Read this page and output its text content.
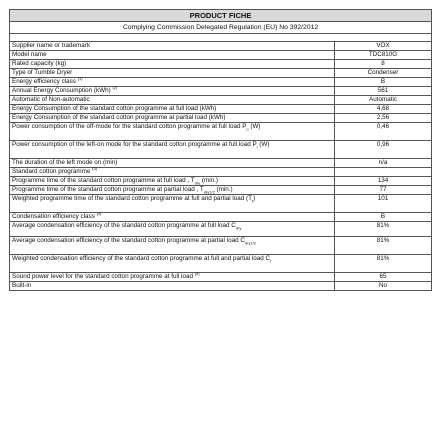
PRODUCT FICHE	
Complying Commission Delegated Regulation (EU) No 392/2012	

Supplier name or trademark	VOX
Model name	TDC810G
Rated capacity (kg)	8
Type of Tumble Dryer	Condenser
Energy efficiency class $^{(1)}$	B
Annual Energy Consumption (kWh) $^{(2)}$	561
Automatic of Non-automatic	Automatic
Energy Consumption of the standard cotton programme at full load (kWh)	4,68
Energy Consumption of the standard cotton programme at partial load (kWh)	2,56
Power consumption of the off-mode for the standard cotton programme at full load $P_o$ (W)	0,46
Power consumption of the left-on mode for the standard cotton programme at full load $P_l$ (W)	0,96
The duration of the left mode on (min)	n/a
Standard cotton programme $^{(3)}$	
Programme time of the standard cotton programme at full load , $T_{dry}$ (min.)	134
Programme time of the standard cotton programme at partial load , $T_{dry1/2}$ (min.)	77
Weighted programme time of the standard cotton programme at full and partial load $(T_t)$	101
Condensation efficiency class $^{(4)}$	B
Average condensation efficiency of the standard cotton programme at full load $C_{dry}$	81%
Average condensation efficiency of the standard cotton programme at partial load $C_{dry1/2}$	81%
Weighted condensation efficiency of the standard cotton programme at full and partial load $C_t$	81%
Sound power level for the standard cotton programme at full load $^{(5)}$	65
Built-in	No
